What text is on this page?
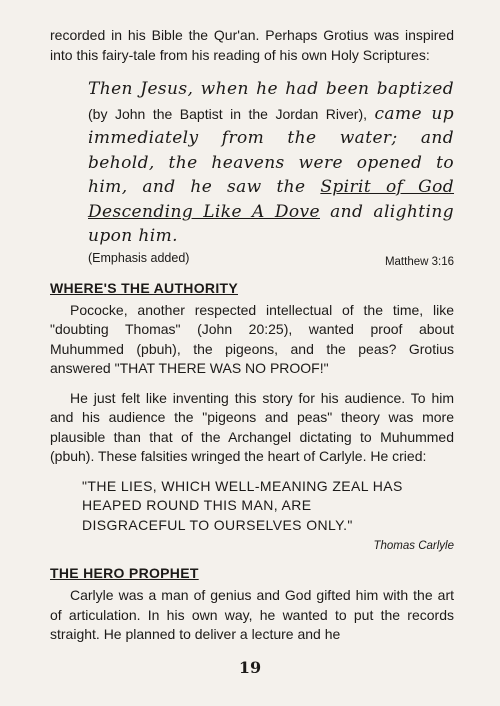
recorded in his Bible the Qur'an. Perhaps Grotius was inspired into this fairy-tale from his reading of his own Holy Scriptures:

Then Jesus, when he had been baptized (by John the Baptist in the Jordan River), came up immediately from the water; and behold, the heavens were opened to him, and he saw the Spirit of God Descending Like A Dove and alighting upon him.
(Emphasis added)	Matthew 3:16
WHERE'S THE AUTHORITY

Pococke, another respected intellectual of the time, like "doubting Thomas" (John 20:25), wanted proof about Muhummed (pbuh), the pigeons, and the peas? Grotius answered "THAT THERE WAS NO PROOF!"

He just felt like inventing this story for his audience. To him and his audience the "pigeons and peas" theory was more plausible than that of the Archangel dictating to Muhummed (pbuh). These falsities wringed the heart of Carlyle. He cried:

"THE LIES, WHICH WELL-MEANING ZEAL HAS HEAPED ROUND THIS MAN, ARE DISGRACEFUL TO OURSELVES ONLY."
Thomas Carlyle
THE HERO PROPHET

Carlyle was a man of genius and God gifted him with the art of articulation. In his own way, he wanted to put the records straight. He planned to deliver a lecture and he

19
